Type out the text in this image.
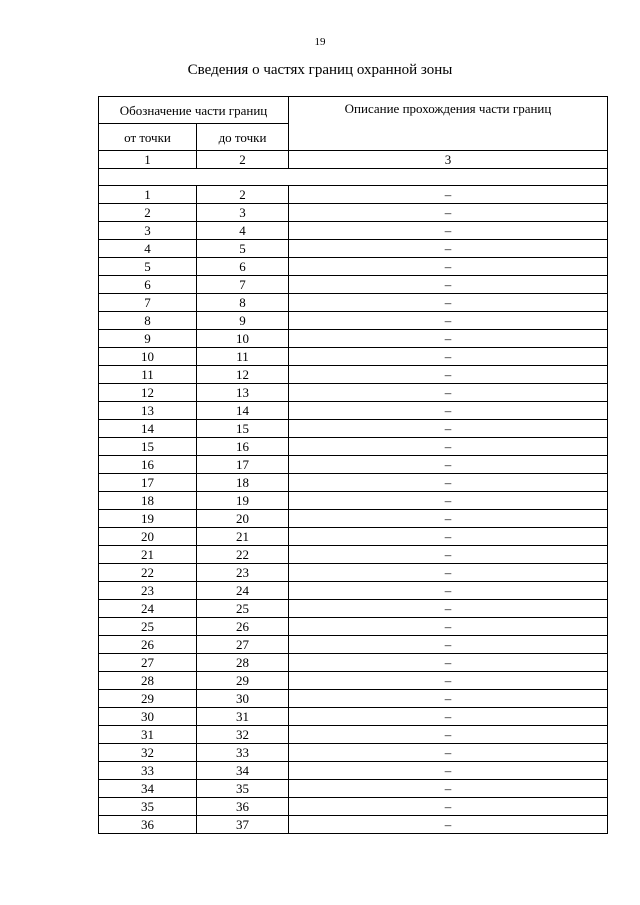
19
Сведения о частях границ охранной зоны
Обозначение части границ		Описание прохождения части границ
от точки	до точки	
1	2	3

1	2	–
2	3	–
3	4	–
4	5	–
5	6	–
6	7	–
7	8	–
8	9	–
9	10	–
10	11	–
11	12	–
12	13	–
13	14	–
14	15	–
15	16	–
16	17	–
17	18	–
18	19	–
19	20	–
20	21	–
21	22	–
22	23	–
23	24	–
24	25	–
25	26	–
26	27	–
27	28	–
28	29	–
29	30	–
30	31	–
31	32	–
32	33	–
33	34	–
34	35	–
35	36	–
36	37	–
